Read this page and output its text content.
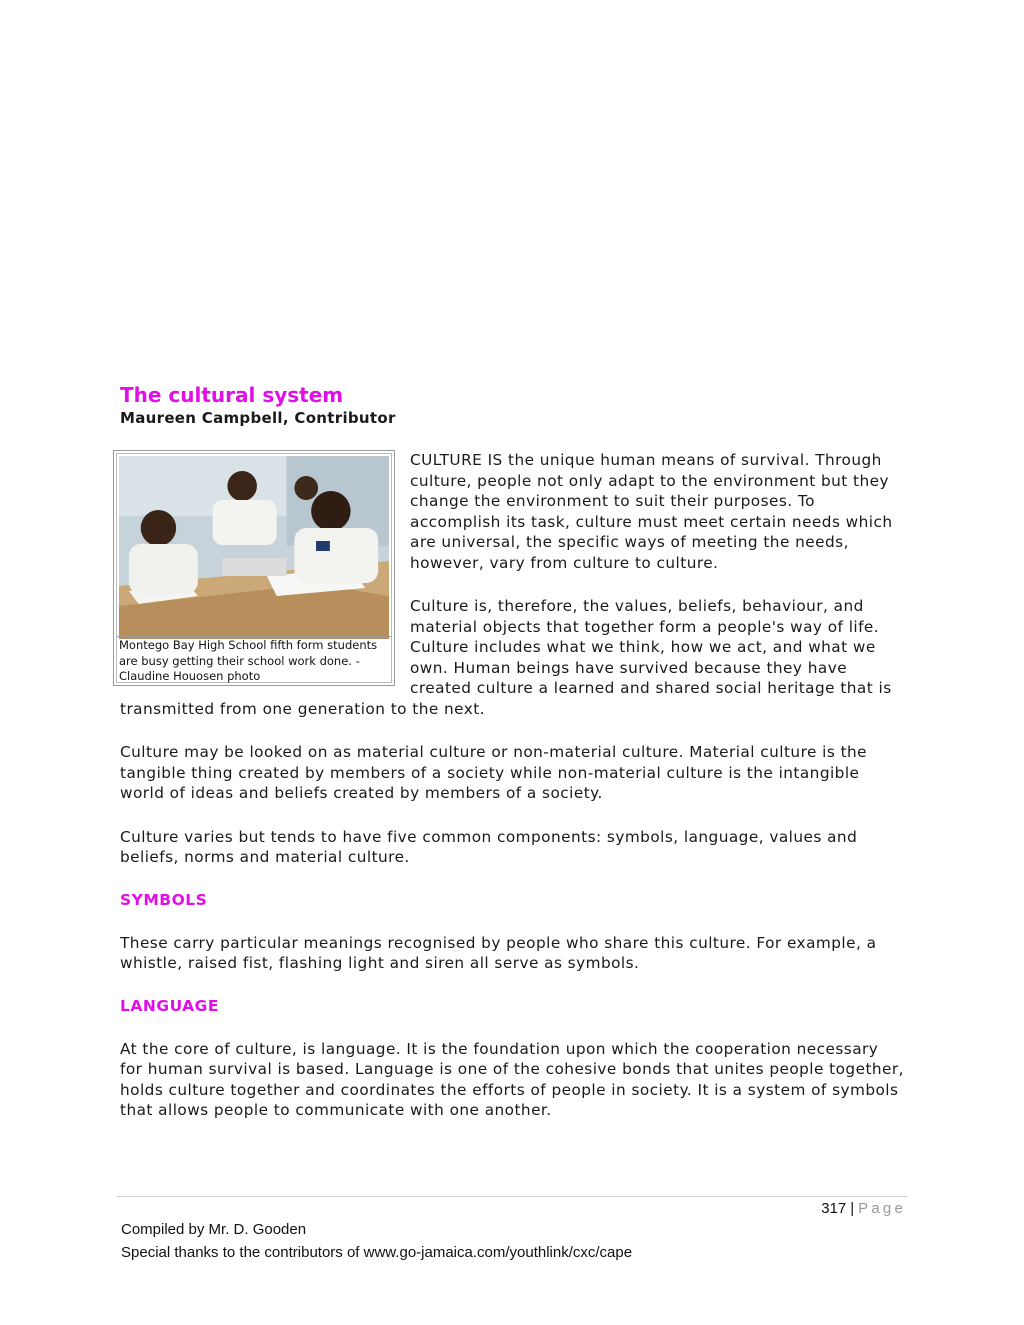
The cultural system
Maureen Campbell, Contributor
Montego Bay High School fifth form students are busy getting their school work done. - Claudine Houosen photo

CULTURE IS the unique human means of survival. Through culture, people not only adapt to the environment but they change the environment to suit their purposes. To accomplish its task, culture must meet certain needs which are universal, the specific ways of meeting the needs, however, vary from culture to culture.

Culture is, therefore, the values, beliefs, behaviour, and material objects that together form a people's way of life. Culture includes what we think, how we act, and what we own. Human beings have survived because they have created culture a learned and shared social heritage that is transmitted from one generation to the next.

Culture may be looked on as material culture or non-material culture. Material culture is the tangible thing created by members of a society while non-material culture is the intangible world of ideas and beliefs created by members of a society.

Culture varies but tends to have five common components: symbols, language, values and beliefs, norms and material culture.

SYMBOLS

These carry particular meanings recognised by people who share this culture. For example, a whistle, raised fist, flashing light and siren all serve as symbols.

LANGUAGE

At the core of culture, is language. It is the foundation upon which the cooperation necessary for human survival is based. Language is one of the cohesive bonds that unites people together, holds culture together and coordinates the efforts of people in society. It is a system of symbols that allows people to communicate with one another.

317 | Page
Compiled by Mr. D. Gooden
Special thanks to the contributors of www.go-jamaica.com/youthlink/cxc/cape
